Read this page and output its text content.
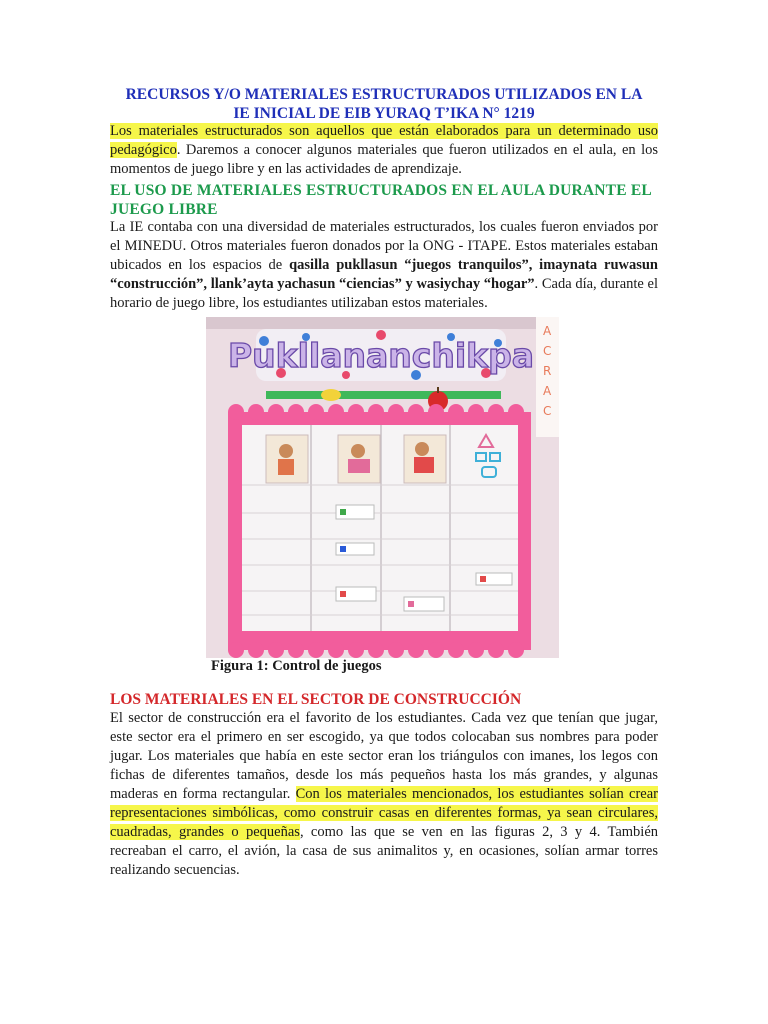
RECURSOS Y/O MATERIALES ESTRUCTURADOS UTILIZADOS EN LA
IE INICIAL DE EIB YURAQ T’IKA N° 1219

Los materiales estructurados son aquellos que están elaborados para un determinado uso pedagógico. Daremos a conocer algunos materiales que fueron utilizados en el aula, en los momentos de juego libre y en las actividades de aprendizaje.

EL USO DE MATERIALES ESTRUCTURADOS EN EL AULA DURANTE EL JUEGO LIBRE

La IE contaba con una diversidad de materiales estructurados, los cuales fueron enviados por el MINEDU. Otros materiales fueron donados por la ONG - ITAPE. Estos materiales estaban ubicados en los espacios de qasilla pukllasun “juegos tranquilos”, imaynata ruwasun “construcción”, llank’ayta yachasun “ciencias” y wasiychay “hogar”. Cada día, durante el horario de juego libre, los estudiantes utilizaban estos materiales.

A
C
R
A
C
Pukllananchikpa

Figura 1: Control de juegos

LOS MATERIALES EN EL SECTOR DE CONSTRUCCIÓN

El sector de construcción era el favorito de los estudiantes. Cada vez que tenían que jugar, este sector era el primero en ser escogido, ya que todos colocaban sus nombres para poder jugar. Los materiales que había en este sector eran los triángulos con imanes, los legos con fichas de diferentes tamaños, desde los más pequeños hasta los más grandes, y algunas maderas en forma rectangular. Con los materiales mencionados, los estudiantes solían crear representaciones simbólicas, como construir casas en diferentes formas, ya sean circulares, cuadradas, grandes o pequeñas, como las que se ven en las figuras 2, 3 y 4. También recreaban el carro, el avión, la casa de sus animalitos y, en ocasiones, solían armar torres realizando secuencias.
